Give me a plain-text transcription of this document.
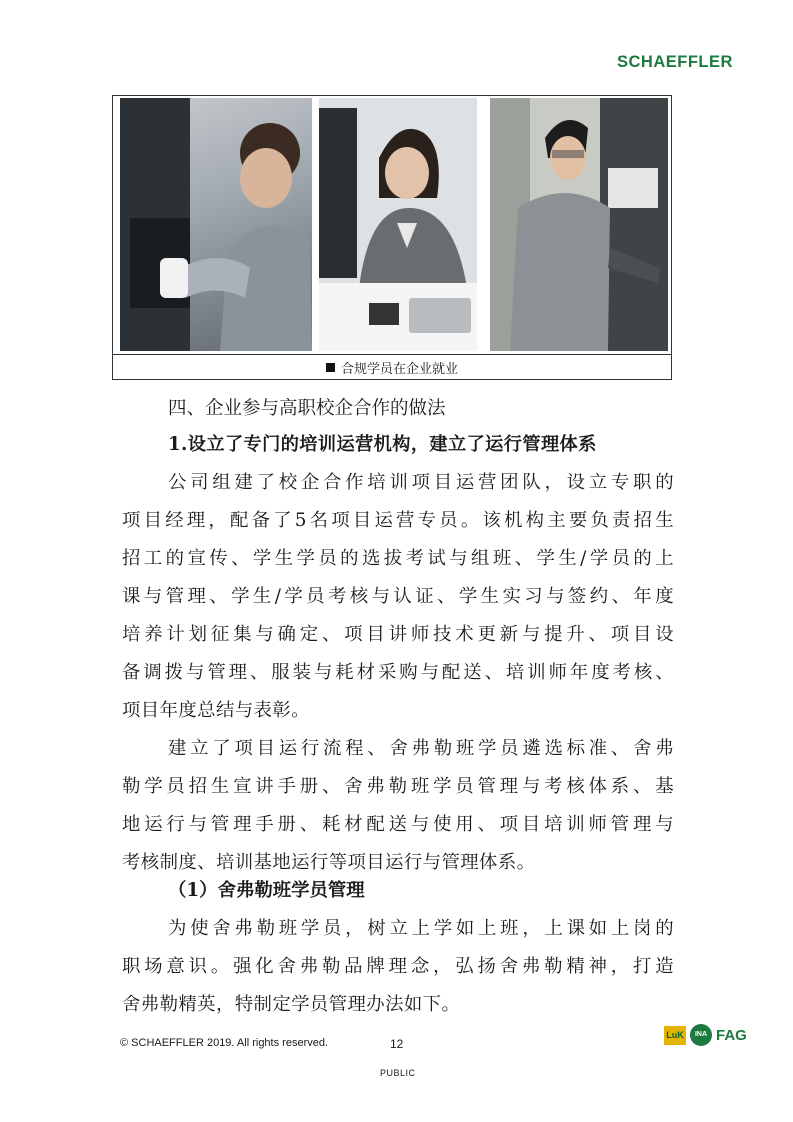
SCHAEFFLER
合规学员在企业就业
四、企业参与高职校企合作的做法
1.设立了专门的培训运营机构，建立了运行管理体系
公司组建了校企合作培训项目运营团队，设立专职的
项目经理，配备了5名项目运营专员。该机构主要负责招生
招工的宣传、学生学员的选拔考试与组班、学生/学员的上
课与管理、学生/学员考核与认证、学生实习与签约、年度
培养计划征集与确定、项目讲师技术更新与提升、项目设
备调拨与管理、服装与耗材采购与配送、培训师年度考核、
项目年度总结与表彰。
建立了项目运行流程、舍弗勒班学员遴选标准、舍弗
勒学员招生宣讲手册、舍弗勒班学员管理与考核体系、基
地运行与管理手册、耗材配送与使用、项目培训师管理与
考核制度、培训基地运行等项目运行与管理体系。
（1）舍弗勒班学员管理
为使舍弗勒班学员，树立上学如上班，上课如上岗的
职场意识。强化舍弗勒品牌理念，弘扬舍弗勒精神，打造
舍弗勒精英，特制定学员管理办法如下。
© SCHAEFFLER 2019. All rights reserved.	12
PUBLIC
LuK	INA FAG
